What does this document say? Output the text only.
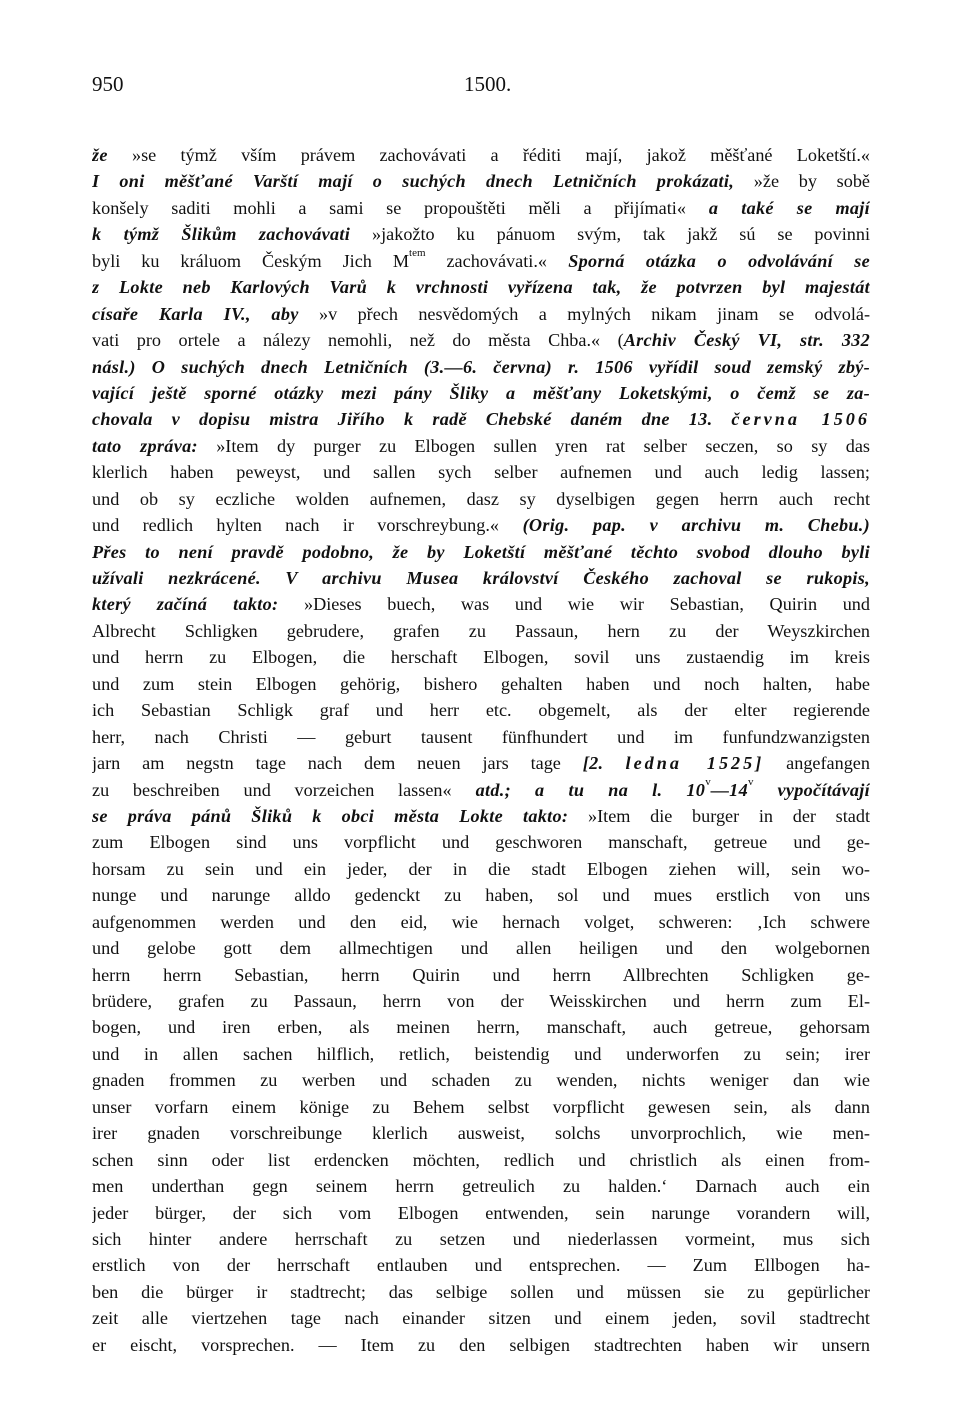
950	1500.
že »se týmž vším právem zachovávati a řéditi mají, jakož měšťané Loketští.«
I oni měšťané Varští mají o suchých dnech Letničních prokázati, »že by sobě
konšely saditi mohli a sami se propouštěti měli a přijímati« a také se mají
k týmž Šlikům zachovávati »jakožto ku pánuom svým, tak jakž sú se povinni
byli ku králuom Českým Jich $M^{tem}$ zachovávati.« Sporná otázka o odvolávání se
z Lokte neb Karlových Varů k vrchnosti vyřízena tak, že potvrzen byl majestát
císaře Karla IV., aby »v přech nesvědomých a mylných nikam jinam se odvolá-
vati pro ortele a nálezy nemohli, než do města Chba.« (Archiv Český VI, str. 332
násl.) O suchých dnech Letničních (3.—6. června) r. 1506 vyřídil soud zemský zbý-
vající ještě sporné otázky mezi pány Šliky a měšťany Loketskými, o čemž se za-
chovala v dopisu mistra Jiřího k radě Chebské daném dne 13. června 1506
tato zpráva: »Item dy purger zu Elbogen sullen yren rat selber seczen, so sy das
klerlich haben peweyst, und sallen sych selber aufnemen und auch ledig lassen;
und ob sy eczliche wolden aufnemen, dasz sy dyselbigen gegen herrn auch recht
und redlich hylten nach ir vorschreybung.« (Orig. pap. v archivu m. Chebu.)
Přes to není pravdě podobno, že by Loketští měšťané těchto svobod dlouho byli
užívali nezkrácené. V archivu Musea království Českého zachoval se rukopis,
který začíná takto: »Dieses buech, was und wie wir Sebastian, Quirin und
Albrecht Schligken gebrudere, grafen zu Passaun, hern zu der Weyszkirchen
und herrn zu Elbogen, die herschaft Elbogen, sovil uns zustaendig im kreis
und zum stein Elbogen gehörig, bishero gehalten haben und noch halten, habe
ich Sebastian Schligk graf und herr etc. obgemelt, als der elter regierende
herr, nach Christi — geburt tausent fünfhundert und im funfundzwanzigsten
jarn am negstn tage nach dem neuen jars tage [2. ledna 1525] angefangen
zu beschreiben und vorzeichen lassen« atd.; a tu na l. 10$^v$—14$^v$ vypočítávají
se práva pánů Šliků k obci města Lokte takto: »Item die burger in der stadt
zum Elbogen sind uns vorpflicht und geschworen manschaft, getreue und ge-
horsam zu sein und ein jeder, der in die stadt Elbogen ziehen will, sein wo-
nunge und narunge alldo gedenckt zu haben, sol und mues erstlich von uns
aufgenommen werden und den eid, wie hernach volget, schweren: ‚Ich schwere
und gelobe gott dem allmechtigen und allen heiligen und den wolgebornen
herrn herrn Sebastian, herrn Quirin und herrn Allbrechten Schligken ge-
brüdere, grafen zu Passaun, herrn von der Weisskirchen und herrn zum El-
bogen, und iren erben, als meinen herrn, manschaft, auch getreue, gehorsam
und in allen sachen hilflich, retlich, beistendig und underworfen zu sein; irer
gnaden frommen zu werben und schaden zu wenden, nichts weniger dan wie
unser vorfarn einem könige zu Behem selbst vorpflicht gewesen sein, als dann
irer gnaden vorschreibunge klerlich ausweist, solchs unvorprochlich, wie men-
schen sinn oder list erdencken möchten, redlich und christlich als einen from-
men underthan gegn seinem herrn getreulich zu halden.‘ Darnach auch ein
jeder bürger, der sich vom Elbogen entwenden, sein narunge vorandern will,
sich hinter andere herrschaft zu setzen und niederlassen vormeint, mus sich
erstlich von der herrschaft entlauben und entsprechen. — Zum Ellbogen ha-
ben die bürger ir stadtrecht; das selbige sollen und müssen sie zu gepürlicher
zeit alle viertzehen tage nach einander sitzen und einem jeden, sovil stadtrecht
er eischt, vorsprechen. — Item zu den selbigen stadtrechten haben wir unsern
